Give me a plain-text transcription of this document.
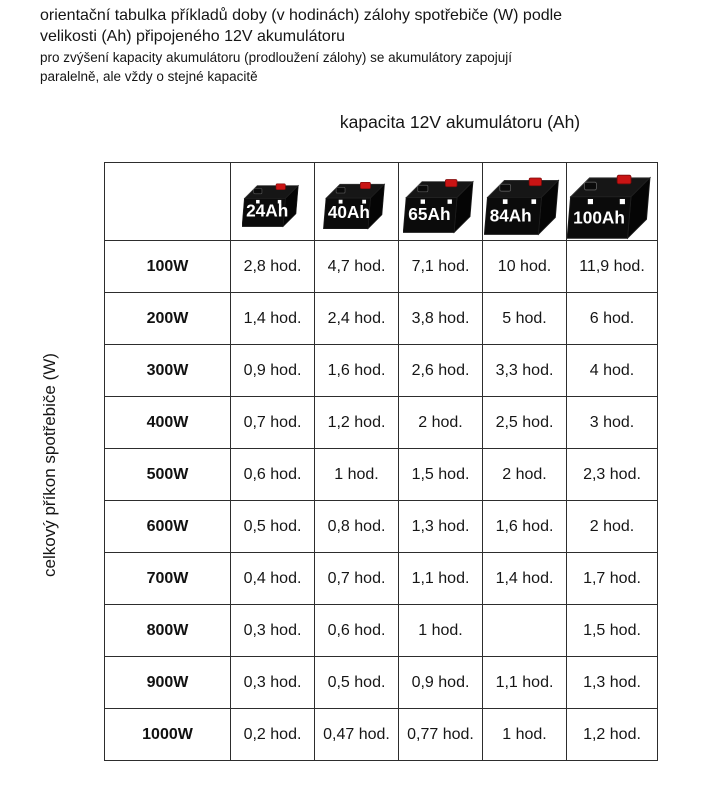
orientační tabulka příkladů doby (v hodinách) zálohy spotřebiče (W) podle
velikosti (Ah) připojeného 12V akumulátoru
pro zvýšení kapacity akumulátoru (prodloužení zálohy) se akumulátory zapojují
paralelně, ale vždy o stejné kapacitě
kapacita 12V akumulátoru (Ah)
celkový příkon spotřebiče (W)

24Ah	40Ah	65Ah	84Ah	100Ah

100W	2,8 hod.	4,7 hod.	7,1 hod.	10 hod.	11,9 hod.
200W	1,4 hod.	2,4 hod.	3,8 hod.	5 hod.	6 hod.
300W	0,9 hod.	1,6 hod.	2,6 hod.	3,3 hod.	4 hod.
400W	0,7 hod.	1,2 hod.	2 hod.	2,5 hod.	3 hod.
500W	0,6 hod.	1 hod.	1,5 hod.	2 hod.	2,3 hod.
600W	0,5 hod.	0,8 hod.	1,3 hod.	1,6 hod.	2 hod.
700W	0,4 hod.	0,7 hod.	1,1 hod.	1,4 hod.	1,7 hod.
800W	0,3 hod.	0,6 hod.	1 hod.		1,5 hod.
900W	0,3 hod.	0,5 hod.	0,9 hod.	1,1 hod.	1,3 hod.
1000W	0,2 hod.	0,47 hod.	0,77 hod.	1 hod.	1,2 hod.
